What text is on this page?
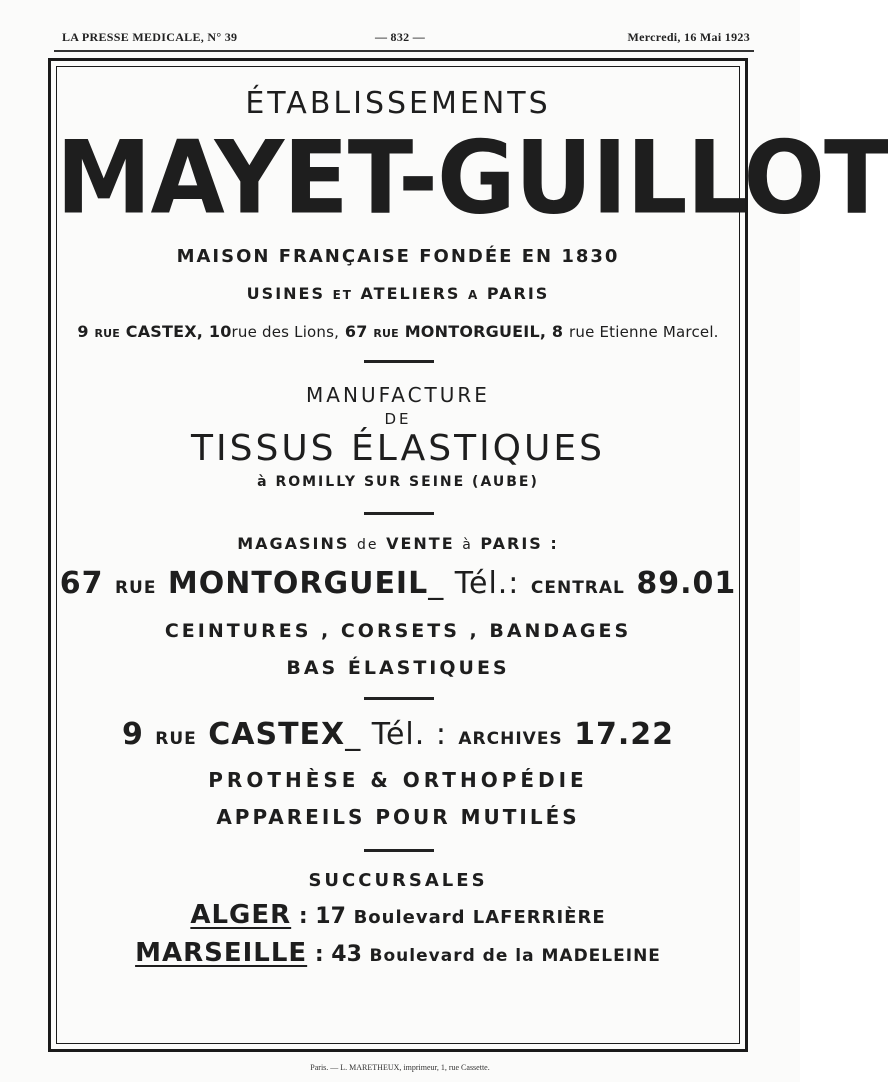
LA PRESSE MEDICALE, N° 39	— 832 —	Mercredi, 16 Mai 1923
ÉTABLISSEMENTS
MAYET-GUILLOT
MAISON FRANÇAISE FONDÉE EN 1830
USINES ET ATELIERS A PARIS
9 RUE CASTEX, 10rue des Lions, 67 RUE MONTORGUEIL, 8 rue Etienne Marcel.
MANUFACTURE
DE
TISSUS ÉLASTIQUES
à ROMILLY SUR SEINE (AUBE)
MAGASINS de VENTE à PARIS :
67 RUE MONTORGUEIL_ Tél.: CENTRAL 89.01
CEINTURES , CORSETS , BANDAGES
BAS ÉLASTIQUES
9 RUE CASTEX_ Tél. : ARCHIVES 17.22
PROTHÈSE & ORTHOPÉDIE
APPAREILS POUR MUTILÉS
SUCCURSALES
ALGER : 17 Boulevard LAFERRIÈRE
MARSEILLE : 43 Boulevard de la MADELEINE
Paris. — L. MARETHEUX, imprimeur, 1, rue Cassette.
